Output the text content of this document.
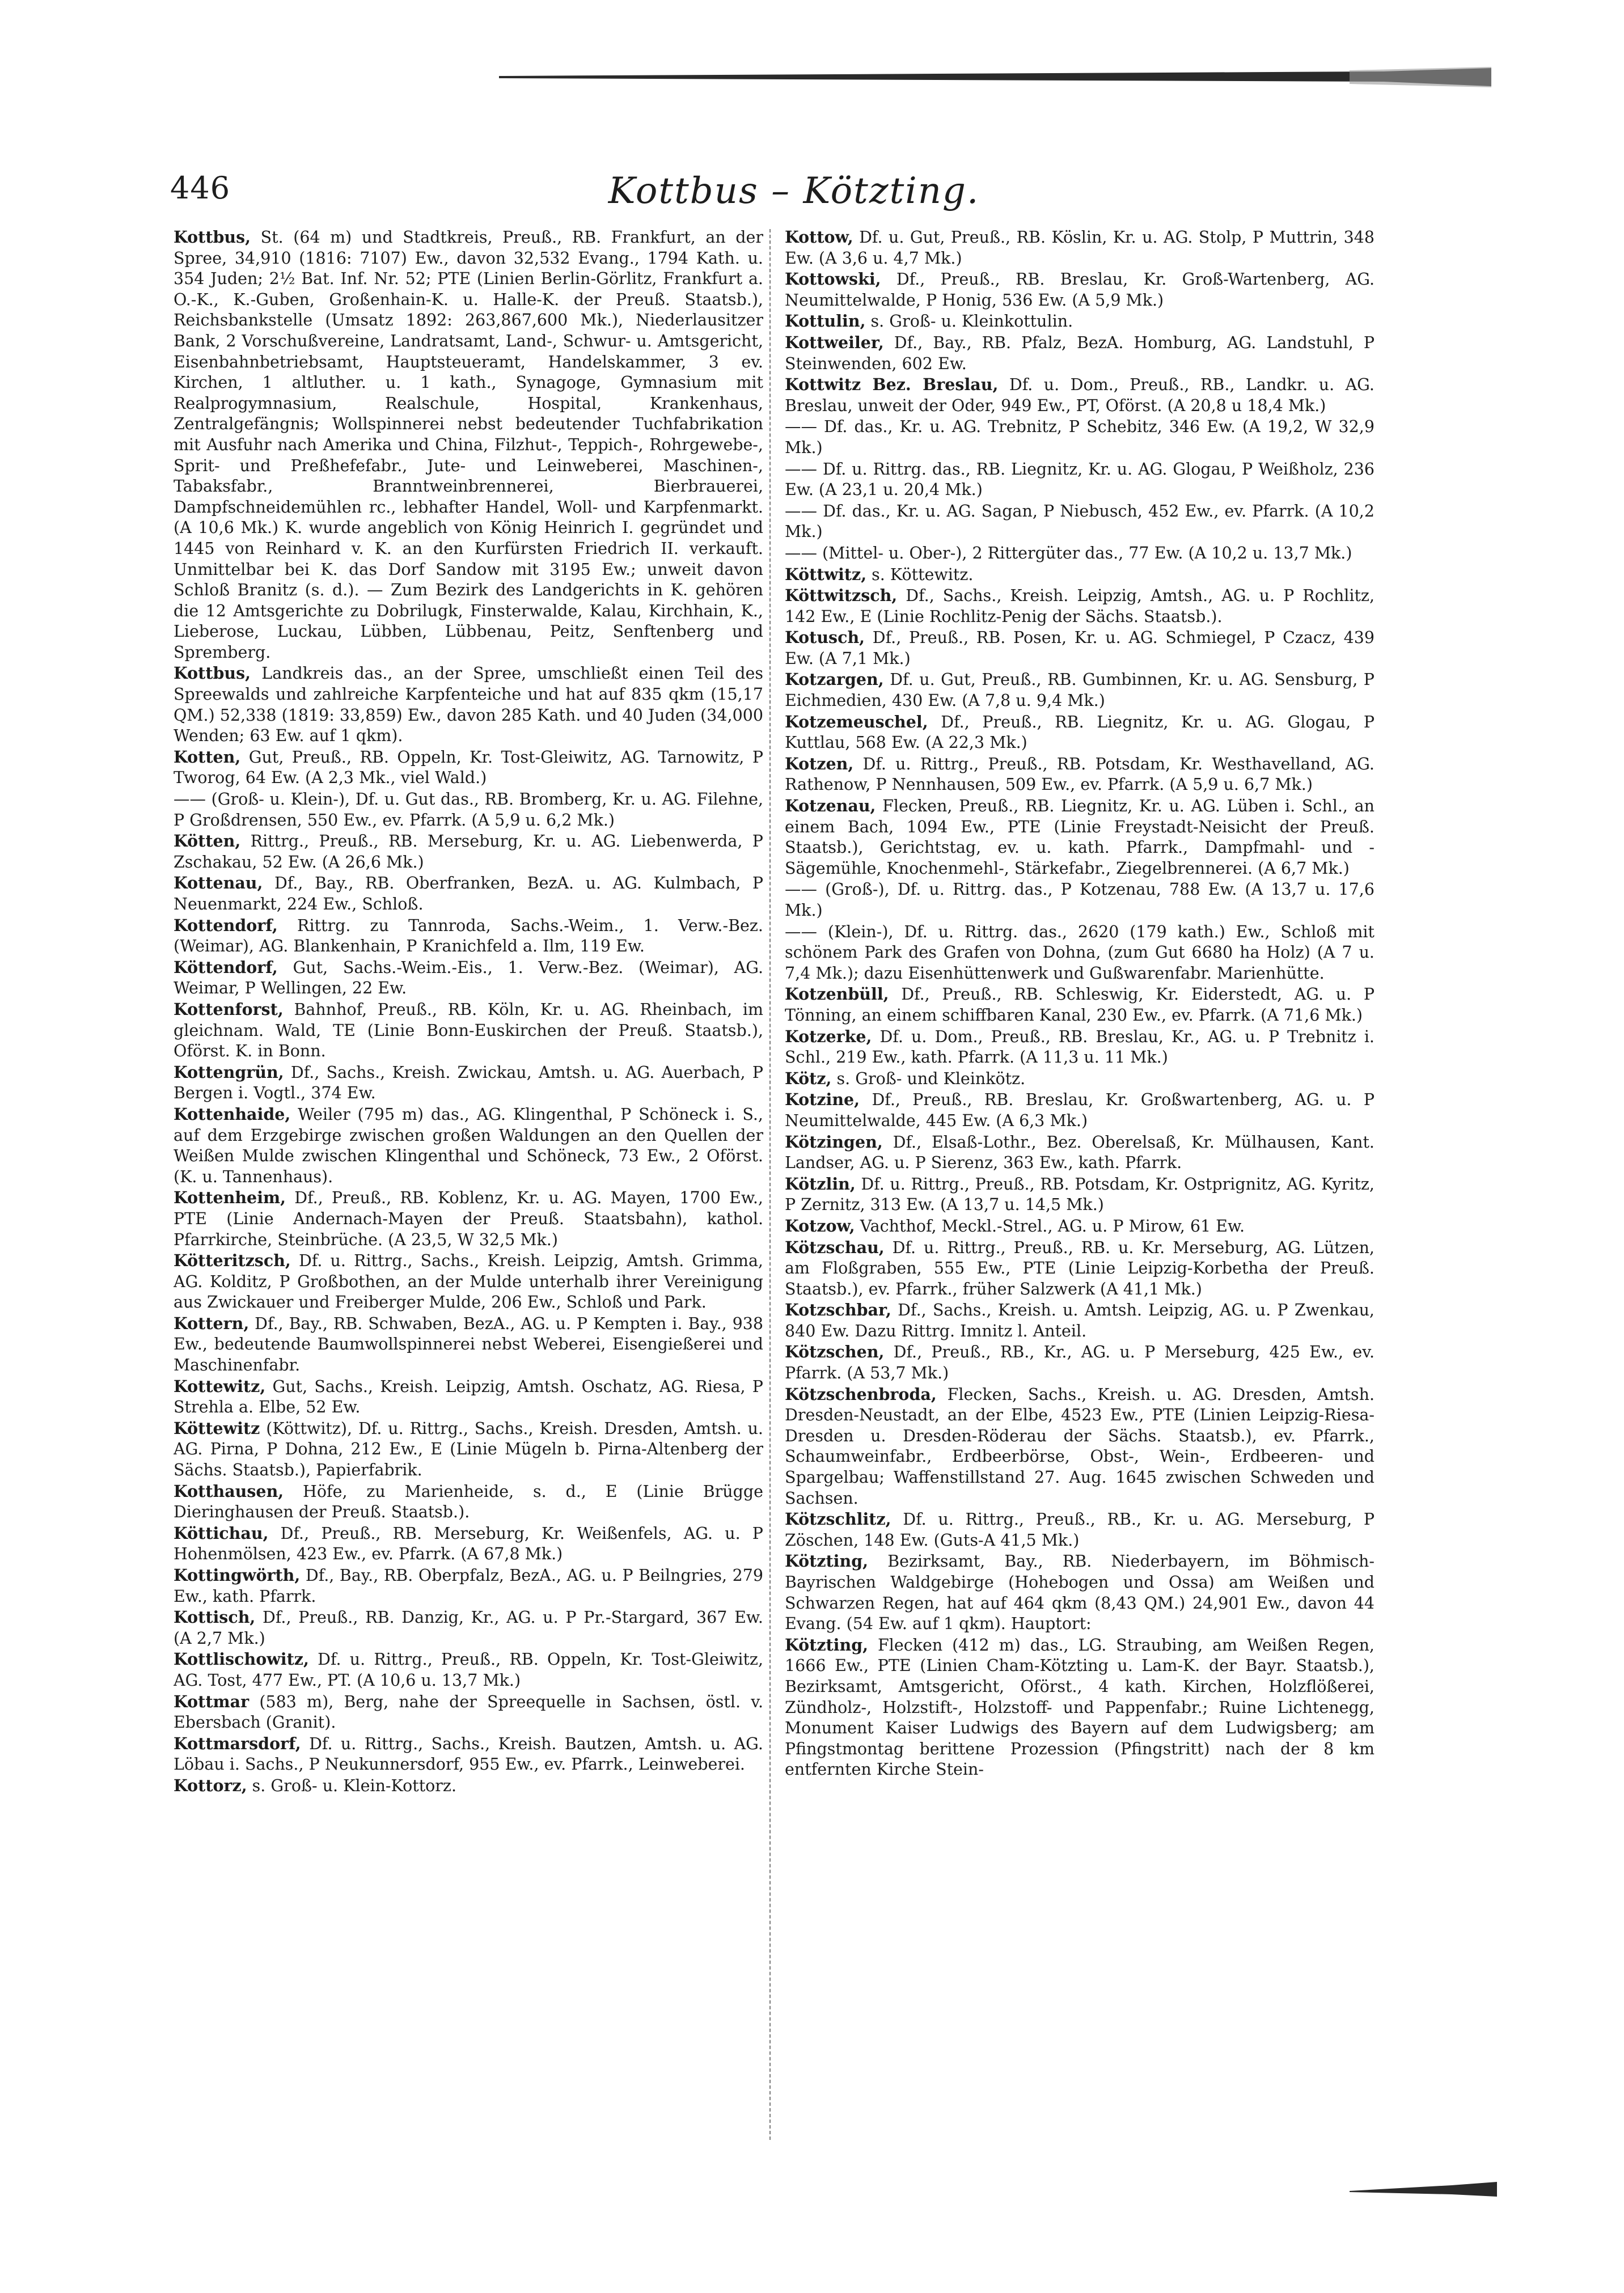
446	Kottbus – Kötzting.

Kottbus, St. (64 m) und Stadtkreis, Preuß., RB. Frankfurt, an der Spree, 34,910 (1816: 7107) Ew., davon 32,532 Evang., 1794 Kath. u. 354 Juden; 2½ Bat. Inf. Nr. 52; PTE (Linien Berlin-Görlitz, Frankfurt a. O.-K., K.-Guben, Großenhain-K. u. Halle-K. der Preuß. Staatsb.), Reichsbankstelle (Umsatz 1892: 263,867,600 Mk.), Niederlausitzer Bank, 2 Vorschußvereine, Landratsamt, Land-, Schwur- u. Amtsgericht, Eisenbahnbetriebsamt, Hauptsteueramt, Handelskammer, 3 ev. Kirchen, 1 altluther. u. 1 kath., Synagoge, Gymnasium mit Realprogymnasium, Realschule, Hospital, Krankenhaus, Zentralgefängnis; Wollspinnerei nebst bedeutender Tuchfabrikation mit Ausfuhr nach Amerika und China, Filzhut-, Teppich-, Rohrgewebe-, Sprit- und Preßhefefabr., Jute- und Leinweberei, Maschinen-, Tabaksfabr., Branntweinbrennerei, Bierbrauerei, Dampfschneidemühlen rc., lebhafter Handel, Woll- und Karpfenmarkt. (A 10,6 Mk.) K. wurde angeblich von König Heinrich I. gegründet und 1445 von Reinhard v. K. an den Kurfürsten Friedrich II. verkauft. Unmittelbar bei K. das Dorf Sandow mit 3195 Ew.; unweit davon Schloß Branitz (s. d.). — Zum Bezirk des Landgerichts in K. gehören die 12 Amtsgerichte zu Dobrilugk, Finsterwalde, Kalau, Kirchhain, K., Lieberose, Luckau, Lübben, Lübbenau, Peitz, Senftenberg und Spremberg.

Kottbus, Landkreis das., an der Spree, umschließt einen Teil des Spreewalds und zahlreiche Karpfenteiche und hat auf 835 qkm (15,17 QM.) 52,338 (1819: 33,859) Ew., davon 285 Kath. und 40 Juden (34,000 Wenden; 63 Ew. auf 1 qkm).

Kotten, Gut, Preuß., RB. Oppeln, Kr. Tost-Gleiwitz, AG. Tarnowitz, P Tworog, 64 Ew. (A 2,3 Mk., viel Wald.)

—— (Groß- u. Klein-), Df. u. Gut das., RB. Bromberg, Kr. u. AG. Filehne, P Großdrensen, 550 Ew., ev. Pfarrk. (A 5,9 u. 6,2 Mk.)

Kötten, Rittrg., Preuß., RB. Merseburg, Kr. u. AG. Liebenwerda, P Zschakau, 52 Ew. (A 26,6 Mk.)

Kottenau, Df., Bay., RB. Oberfranken, BezA. u. AG. Kulmbach, P Neuenmarkt, 224 Ew., Schloß.

Kottendorf, Rittrg. zu Tannroda, Sachs.-Weim., 1. Verw.-Bez. (Weimar), AG. Blankenhain, P Kranichfeld a. Ilm, 119 Ew.

Köttendorf, Gut, Sachs.-Weim.-Eis., 1. Verw.-Bez. (Weimar), AG. Weimar, P Wellingen, 22 Ew.

Kottenforst, Bahnhof, Preuß., RB. Köln, Kr. u. AG. Rheinbach, im gleichnam. Wald, TE (Linie Bonn-Euskirchen der Preuß. Staatsb.), Oförst. K. in Bonn.

Kottengrün, Df., Sachs., Kreish. Zwickau, Amtsh. u. AG. Auerbach, P Bergen i. Vogtl., 374 Ew.

Kottenhaide, Weiler (795 m) das., AG. Klingenthal, P Schöneck i. S., auf dem Erzgebirge zwischen großen Waldungen an den Quellen der Weißen Mulde zwischen Klingenthal und Schöneck, 73 Ew., 2 Oförst. (K. u. Tannenhaus).

Kottenheim, Df., Preuß., RB. Koblenz, Kr. u. AG. Mayen, 1700 Ew., PTE (Linie Andernach-Mayen der Preuß. Staatsbahn), kathol. Pfarrkirche, Steinbrüche. (A 23,5, W 32,5 Mk.)

Kötteritzsch, Df. u. Rittrg., Sachs., Kreish. Leipzig, Amtsh. Grimma, AG. Kolditz, P Großbothen, an der Mulde unterhalb ihrer Vereinigung aus Zwickauer und Freiberger Mulde, 206 Ew., Schloß und Park.

Kottern, Df., Bay., RB. Schwaben, BezA., AG. u. P Kempten i. Bay., 938 Ew., bedeutende Baumwollspinnerei nebst Weberei, Eisengießerei und Maschinenfabr.

Kottewitz, Gut, Sachs., Kreish. Leipzig, Amtsh. Oschatz, AG. Riesa, P Strehla a. Elbe, 52 Ew.

Köttewitz (Köttwitz), Df. u. Rittrg., Sachs., Kreish. Dresden, Amtsh. u. AG. Pirna, P Dohna, 212 Ew., E (Linie Mügeln b. Pirna-Altenberg der Sächs. Staatsb.), Papierfabrik.

Kotthausen, Höfe, zu Marienheide, s. d., E (Linie Brügge Dieringhausen der Preuß. Staatsb.).

Köttichau, Df., Preuß., RB. Merseburg, Kr. Weißenfels, AG. u. P Hohenmölsen, 423 Ew., ev. Pfarrk. (A 67,8 Mk.)

Kottingwörth, Df., Bay., RB. Oberpfalz, BezA., AG. u. P Beilngries, 279 Ew., kath. Pfarrk.

Kottisch, Df., Preuß., RB. Danzig, Kr., AG. u. P Pr.-Stargard, 367 Ew. (A 2,7 Mk.)

Kottlischowitz, Df. u. Rittrg., Preuß., RB. Oppeln, Kr. Tost-Gleiwitz, AG. Tost, 477 Ew., PT. (A 10,6 u. 13,7 Mk.)

Kottmar (583 m), Berg, nahe der Spreequelle in Sachsen, östl. v. Ebersbach (Granit).

Kottmarsdorf, Df. u. Rittrg., Sachs., Kreish. Bautzen, Amtsh. u. AG. Löbau i. Sachs., P Neukunnersdorf, 955 Ew., ev. Pfarrk., Leinweberei.

Kottorz, s. Groß- u. Klein-Kottorz.

Kottow, Df. u. Gut, Preuß., RB. Köslin, Kr. u. AG. Stolp, P Muttrin, 348 Ew. (A 3,6 u. 4,7 Mk.)

Kottowski, Df., Preuß., RB. Breslau, Kr. Groß-Wartenberg, AG. Neumittelwalde, P Honig, 536 Ew. (A 5,9 Mk.)

Kottulin, s. Groß- u. Kleinkottulin.

Kottweiler, Df., Bay., RB. Pfalz, BezA. Homburg, AG. Landstuhl, P Steinwenden, 602 Ew.

Kottwitz Bez. Breslau, Df. u. Dom., Preuß., RB., Landkr. u. AG. Breslau, unweit der Oder, 949 Ew., PT, Oförst. (A 20,8 u 18,4 Mk.)

—— Df. das., Kr. u. AG. Trebnitz, P Schebitz, 346 Ew. (A 19,2, W 32,9 Mk.)

—— Df. u. Rittrg. das., RB. Liegnitz, Kr. u. AG. Glogau, P Weißholz, 236 Ew. (A 23,1 u. 20,4 Mk.)

—— Df. das., Kr. u. AG. Sagan, P Niebusch, 452 Ew., ev. Pfarrk. (A 10,2 Mk.)

—— (Mittel- u. Ober-), 2 Rittergüter das., 77 Ew. (A 10,2 u. 13,7 Mk.)

Köttwitz, s. Köttewitz.

Köttwitzsch, Df., Sachs., Kreish. Leipzig, Amtsh., AG. u. P Rochlitz, 142 Ew., E (Linie Rochlitz-Penig der Sächs. Staatsb.).

Kotusch, Df., Preuß., RB. Posen, Kr. u. AG. Schmiegel, P Czacz, 439 Ew. (A 7,1 Mk.)

Kotzargen, Df. u. Gut, Preuß., RB. Gumbinnen, Kr. u. AG. Sensburg, P Eichmedien, 430 Ew. (A 7,8 u. 9,4 Mk.)

Kotzemeuschel, Df., Preuß., RB. Liegnitz, Kr. u. AG. Glogau, P Kuttlau, 568 Ew. (A 22,3 Mk.)

Kotzen, Df. u. Rittrg., Preuß., RB. Potsdam, Kr. Westhavelland, AG. Rathenow, P Nennhausen, 509 Ew., ev. Pfarrk. (A 5,9 u. 6,7 Mk.)

Kotzenau, Flecken, Preuß., RB. Liegnitz, Kr. u. AG. Lüben i. Schl., an einem Bach, 1094 Ew., PTE (Linie Freystadt-Neisicht der Preuß. Staatsb.), Gerichtstag, ev. u. kath. Pfarrk., Dampfmahl- und -Sägemühle, Knochenmehl-, Stärkefabr., Ziegelbrennerei. (A 6,7 Mk.)

—— (Groß-), Df. u. Rittrg. das., P Kotzenau, 788 Ew. (A 13,7 u. 17,6 Mk.)

—— (Klein-), Df. u. Rittrg. das., 2620 (179 kath.) Ew., Schloß mit schönem Park des Grafen von Dohna, (zum Gut 6680 ha Holz) (A 7 u. 7,4 Mk.); dazu Eisenhüttenwerk und Gußwarenfabr. Marienhütte.

Kotzenbüll, Df., Preuß., RB. Schleswig, Kr. Eiderstedt, AG. u. P Tönning, an einem schiffbaren Kanal, 230 Ew., ev. Pfarrk. (A 71,6 Mk.)

Kotzerke, Df. u. Dom., Preuß., RB. Breslau, Kr., AG. u. P Trebnitz i. Schl., 219 Ew., kath. Pfarrk. (A 11,3 u. 11 Mk.)

Kötz, s. Groß- und Kleinkötz.

Kotzine, Df., Preuß., RB. Breslau, Kr. Großwartenberg, AG. u. P Neumittelwalde, 445 Ew. (A 6,3 Mk.)

Kötzingen, Df., Elsaß-Lothr., Bez. Oberelsaß, Kr. Mülhausen, Kant. Landser, AG. u. P Sierenz, 363 Ew., kath. Pfarrk.

Kötzlin, Df. u. Rittrg., Preuß., RB. Potsdam, Kr. Ostprignitz, AG. Kyritz, P Zernitz, 313 Ew. (A 13,7 u. 14,5 Mk.)

Kotzow, Vachthof, Meckl.-Strel., AG. u. P Mirow, 61 Ew.

Kötzschau, Df. u. Rittrg., Preuß., RB. u. Kr. Merseburg, AG. Lützen, am Floßgraben, 555 Ew., PTE (Linie Leipzig-Korbetha der Preuß. Staatsb.), ev. Pfarrk., früher Salzwerk (A 41,1 Mk.)

Kotzschbar, Df., Sachs., Kreish. u. Amtsh. Leipzig, AG. u. P Zwenkau, 840 Ew. Dazu Rittrg. Imnitz l. Anteil.

Kötzschen, Df., Preuß., RB., Kr., AG. u. P Merseburg, 425 Ew., ev. Pfarrk. (A 53,7 Mk.)

Kötzschenbroda, Flecken, Sachs., Kreish. u. AG. Dresden, Amtsh. Dresden-Neustadt, an der Elbe, 4523 Ew., PTE (Linien Leipzig-Riesa-Dresden u. Dresden-Röderau der Sächs. Staatsb.), ev. Pfarrk., Schaumweinfabr., Erdbeerbörse, Obst-, Wein-, Erdbeeren- und Spargelbau; Waffenstillstand 27. Aug. 1645 zwischen Schweden und Sachsen.

Kötzschlitz, Df. u. Rittrg., Preuß., RB., Kr. u. AG. Merseburg, P Zöschen, 148 Ew. (Guts-A 41,5 Mk.)

Kötzting, Bezirksamt, Bay., RB. Niederbayern, im Böhmisch-Bayrischen Waldgebirge (Hohebogen und Ossa) am Weißen und Schwarzen Regen, hat auf 464 qkm (8,43 QM.) 24,901 Ew., davon 44 Evang. (54 Ew. auf 1 qkm). Hauptort:

Kötzting, Flecken (412 m) das., LG. Straubing, am Weißen Regen, 1666 Ew., PTE (Linien Cham-Kötzting u. Lam-K. der Bayr. Staatsb.), Bezirksamt, Amtsgericht, Oförst., 4 kath. Kirchen, Holzflößerei, Zündholz-, Holzstift-, Holzstoff- und Pappenfabr.; Ruine Lichtenegg, Monument Kaiser Ludwigs des Bayern auf dem Ludwigsberg; am Pfingstmontag berittene Prozession (Pfingstritt) nach der 8 km entfernten Kirche Stein-
